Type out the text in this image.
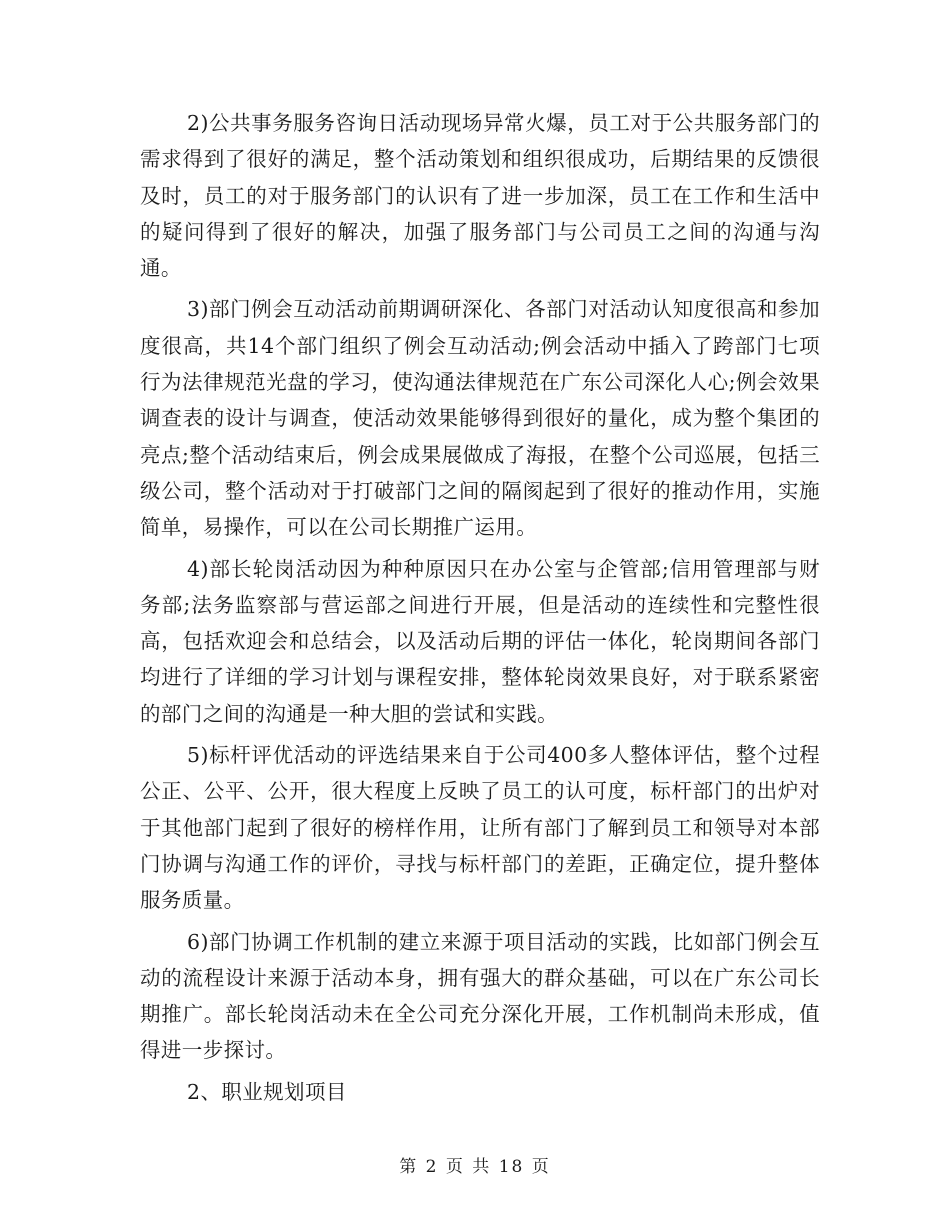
2)公共事务服务咨询日活动现场异常火爆，员工对于公共服务部门的需求得到了很好的满足，整个活动策划和组织很成功，后期结果的反馈很及时，员工的对于服务部门的认识有了进一步加深，员工在工作和生活中的疑问得到了很好的解决，加强了服务部门与公司员工之间的沟通与沟通。

3)部门例会互动活动前期调研深化、各部门对活动认知度很高和参加度很高，共14个部门组织了例会互动活动;例会活动中插入了跨部门七项行为法律规范光盘的学习，使沟通法律规范在广东公司深化人心;例会效果调查表的设计与调查，使活动效果能够得到很好的量化，成为整个集团的亮点;整个活动结束后，例会成果展做成了海报，在整个公司巡展，包括三级公司，整个活动对于打破部门之间的隔阂起到了很好的推动作用，实施简单，易操作，可以在公司长期推广运用。

4)部长轮岗活动因为种种原因只在办公室与企管部;信用管理部与财务部;法务监察部与营运部之间进行开展，但是活动的连续性和完整性很高，包括欢迎会和总结会，以及活动后期的评估一体化，轮岗期间各部门均进行了详细的学习计划与课程安排，整体轮岗效果良好，对于联系紧密的部门之间的沟通是一种大胆的尝试和实践。

5)标杆评优活动的评选结果来自于公司400多人整体评估，整个过程公正、公平、公开，很大程度上反映了员工的认可度，标杆部门的出炉对于其他部门起到了很好的榜样作用，让所有部门了解到员工和领导对本部门协调与沟通工作的评价，寻找与标杆部门的差距，正确定位，提升整体服务质量。

6)部门协调工作机制的建立来源于项目活动的实践，比如部门例会互动的流程设计来源于活动本身，拥有强大的群众基础，可以在广东公司长期推广。部长轮岗活动未在全公司充分深化开展，工作机制尚未形成，值得进一步探讨。

2、职业规划项目

第 2 页 共 18 页
